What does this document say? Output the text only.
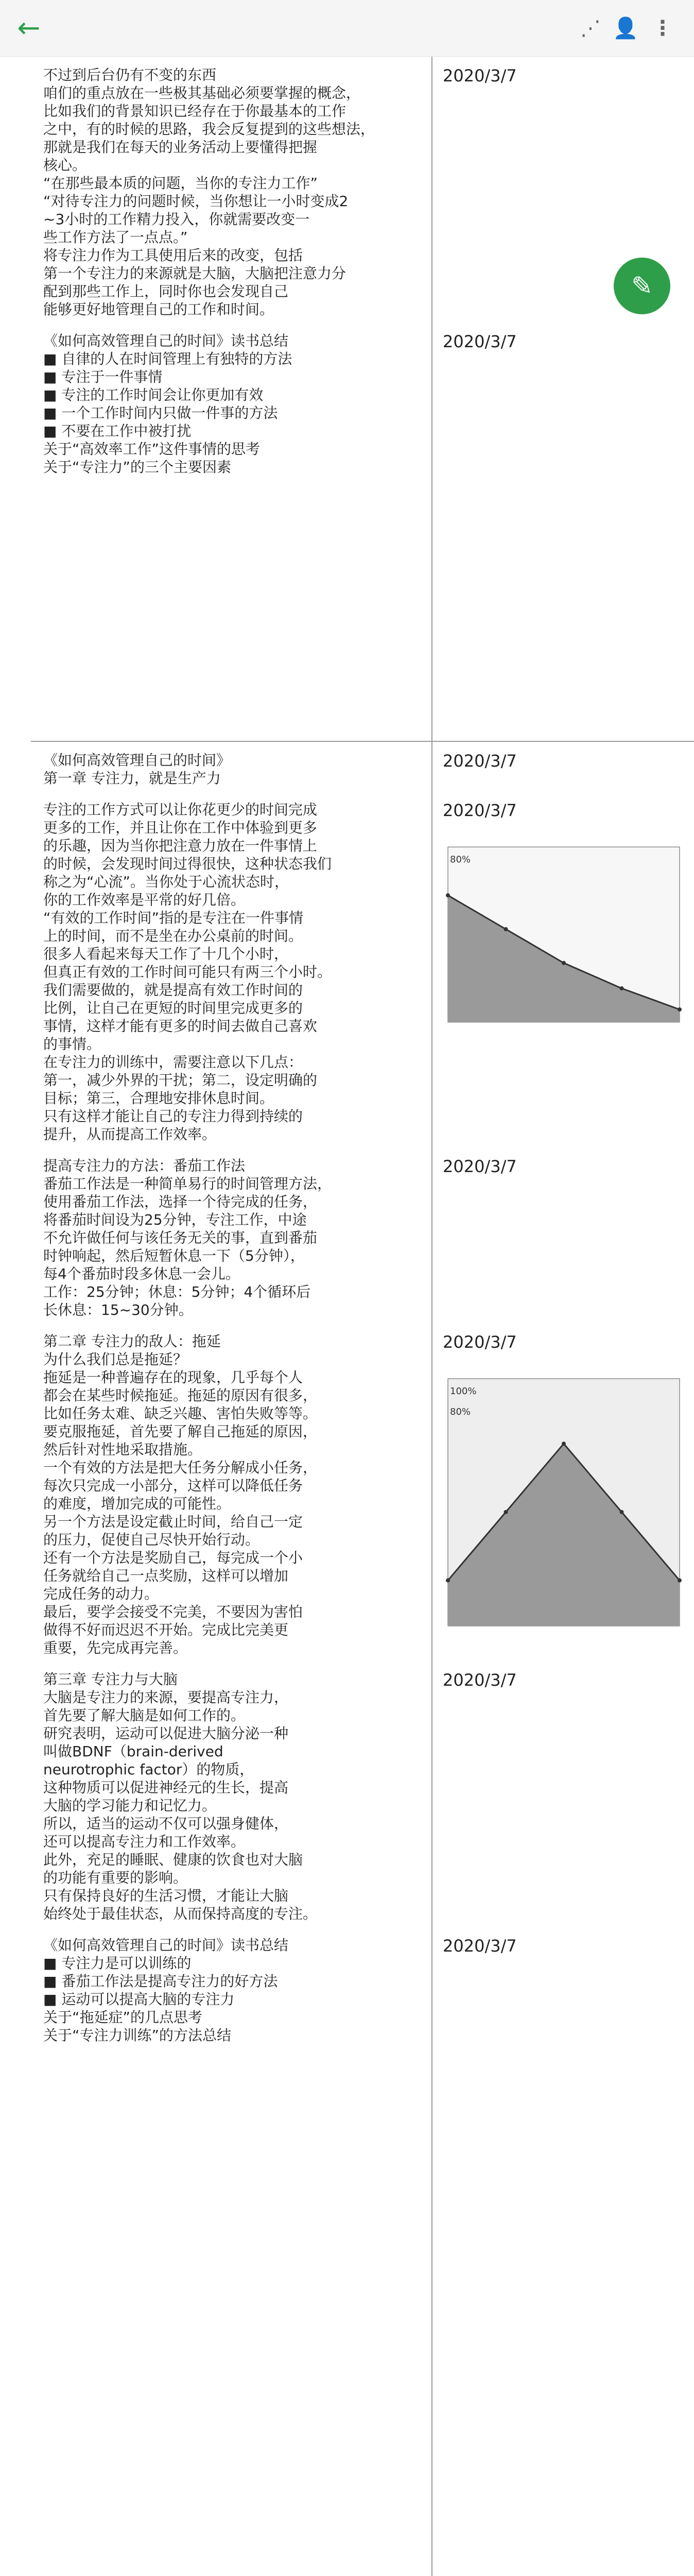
←	⋰ 👤 ⋮
不过到后台仍有不变的东西
咱们的重点放在一些极其基础必须要掌握的概念，
比如我们的背景知识已经存在于你最基本的工作
之中，有的时候的思路，我会反复提到的这些想法，
那就是我们在每天的业务活动上要懂得把握
核心。
“在那些最本质的问题，当你的专注力工作”
“对待专注力的问题时候，当你想让一小时变成2
~3小时的工作精力投入，你就需要改变一
些工作方法了一点点。”
将专注力作为工具使用后来的改变，包括
第一个专注力的来源就是大脑，大脑把注意力分
配到那些工作上，同时你也会发现自己
能够更好地管理自己的工作和时间。
《如何高效管理自己的时间》读书总结
■ 自律的人在时间管理上有独特的方法
■ 专注于一件事情
■ 专注的工作时间会让你更加有效
■ 一个工作时间内只做一件事的方法
■ 不要在工作中被打扰
关于“高效率工作”这件事情的思考
关于“专注力”的三个主要因素
2020/3/7
2020/3/7
《如何高效管理自己的时间》
第一章 专注力，就是生产力
专注的工作方式可以让你花更少的时间完成
更多的工作，并且让你在工作中体验到更多
的乐趣，因为当你把注意力放在一件事情上
的时候，会发现时间过得很快，这种状态我们
称之为“心流”。当你处于心流状态时，
你的工作效率是平常的好几倍。
“有效的工作时间”指的是专注在一件事情
上的时间，而不是坐在办公桌前的时间。
很多人看起来每天工作了十几个小时，
但真正有效的工作时间可能只有两三个小时。
我们需要做的，就是提高有效工作时间的
比例，让自己在更短的时间里完成更多的
事情，这样才能有更多的时间去做自己喜欢
的事情。
在专注力的训练中，需要注意以下几点：
第一，减少外界的干扰；第二，设定明确的
目标；第三，合理地安排休息时间。
只有这样才能让自己的专注力得到持续的
提升，从而提高工作效率。
提高专注力的方法：番茄工作法
番茄工作法是一种简单易行的时间管理方法，
使用番茄工作法，选择一个待完成的任务，
将番茄时间设为25分钟，专注工作，中途
不允许做任何与该任务无关的事，直到番茄
时钟响起，然后短暂休息一下（5分钟），
每4个番茄时段多休息一会儿。
工作：25分钟；休息：5分钟；4个循环后
长休息：15~30分钟。
第二章 专注力的敌人：拖延
为什么我们总是拖延？
拖延是一种普遍存在的现象，几乎每个人
都会在某些时候拖延。拖延的原因有很多，
比如任务太难、缺乏兴趣、害怕失败等等。
要克服拖延，首先要了解自己拖延的原因，
然后针对性地采取措施。
一个有效的方法是把大任务分解成小任务，
每次只完成一小部分，这样可以降低任务
的难度，增加完成的可能性。
另一个方法是设定截止时间，给自己一定
的压力，促使自己尽快开始行动。
还有一个方法是奖励自己，每完成一个小
任务就给自己一点奖励，这样可以增加
完成任务的动力。
最后，要学会接受不完美，不要因为害怕
做得不好而迟迟不开始。完成比完美更
重要，先完成再完善。
第三章 专注力与大脑
大脑是专注力的来源，要提高专注力，
首先要了解大脑是如何工作的。
研究表明，运动可以促进大脑分泌一种
叫做BDNF（brain-derived
neurotrophic factor）的物质，
这种物质可以促进神经元的生长，提高
大脑的学习能力和记忆力。
所以，适当的运动不仅可以强身健体，
还可以提高专注力和工作效率。
此外，充足的睡眠、健康的饮食也对大脑
的功能有重要的影响。
只有保持良好的生活习惯，才能让大脑
始终处于最佳状态，从而保持高度的专注。
《如何高效管理自己的时间》读书总结
■ 专注力是可以训练的
■ 番茄工作法是提高专注力的好方法
■ 运动可以提高大脑的专注力
关于“拖延症”的几点思考
关于“专注力训练”的方法总结
2020/3/7
2020/3/7
80%
2020/3/7
2020/3/7
100%
80%
2020/3/7
2020/3/7
✎
